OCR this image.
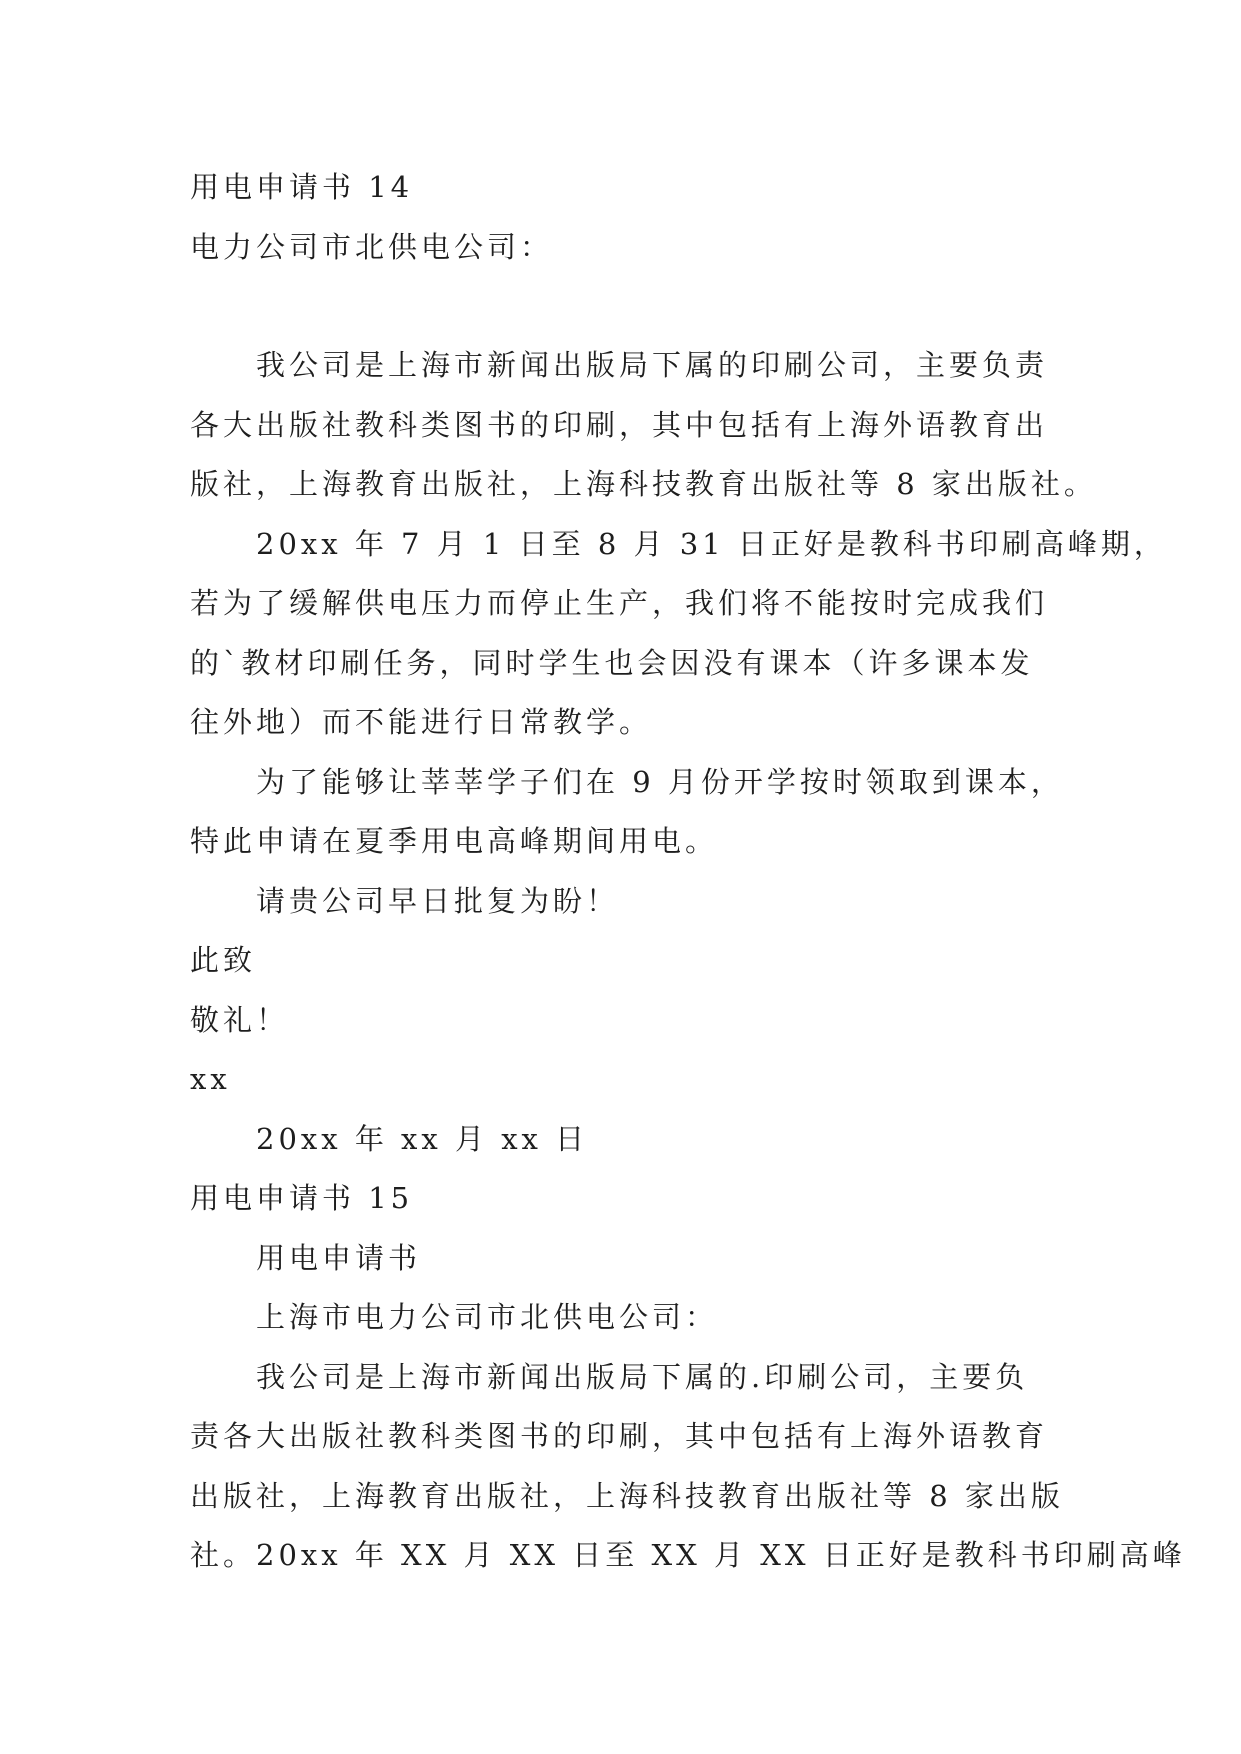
用电申请书 14
电力公司市北供电公司：
我公司是上海市新闻出版局下属的印刷公司，主要负责
各大出版社教科类图书的印刷，其中包括有上海外语教育出
版社，上海教育出版社，上海科技教育出版社等 8 家出版社。
20xx 年 7 月 1 日至 8 月 31 日正好是教科书印刷高峰期，
若为了缓解供电压力而停止生产，我们将不能按时完成我们
的`教材印刷任务，同时学生也会因没有课本（许多课本发
往外地）而不能进行日常教学。
为了能够让莘莘学子们在 9 月份开学按时领取到课本，
特此申请在夏季用电高峰期间用电。
请贵公司早日批复为盼！
此致
敬礼！
xx
20xx 年 xx 月 xx 日
用电申请书 15
用电申请书
上海市电力公司市北供电公司：
我公司是上海市新闻出版局下属的.印刷公司，主要负
责各大出版社教科类图书的印刷，其中包括有上海外语教育
出版社，上海教育出版社，上海科技教育出版社等 8 家出版
社。20xx 年 XX 月 XX 日至 XX 月 XX 日正好是教科书印刷高峰
